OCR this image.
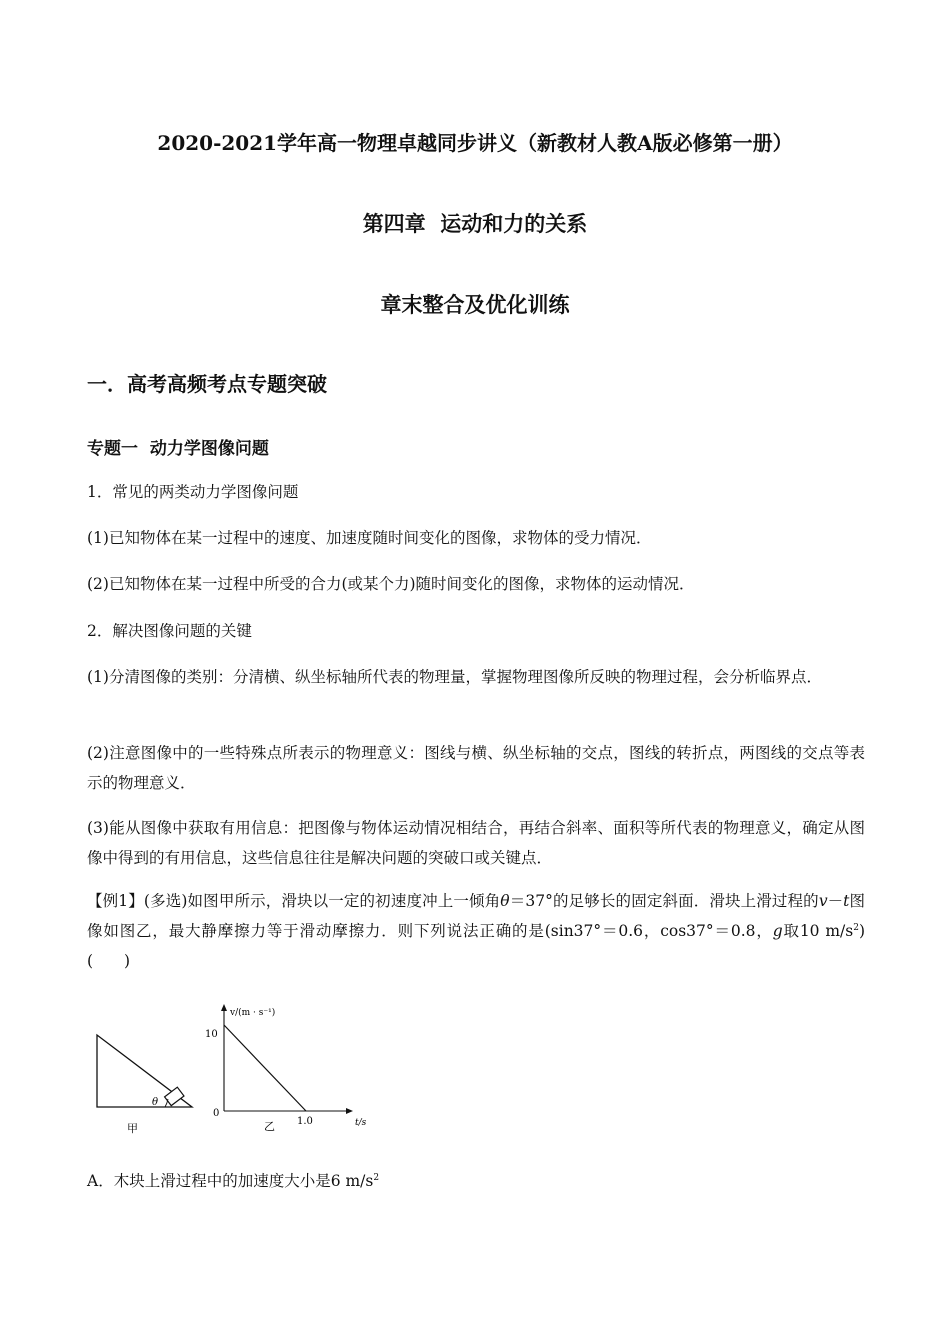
2020-2021学年高一物理卓越同步讲义（新教材人教A版必修第一册）
第四章  运动和力的关系
章末整合及优化训练
一．高考高频考点专题突破
专题一  动力学图像问题
1．常见的两类动力学图像问题
(1)已知物体在某一过程中的速度、加速度随时间变化的图像，求物体的受力情况．
(2)已知物体在某一过程中所受的合力(或某个力)随时间变化的图像，求物体的运动情况．
2．解决图像问题的关键
(1)分清图像的类别：分清横、纵坐标轴所代表的物理量，掌握物理图像所反映的物理过程，会分析临界点．
(2)注意图像中的一些特殊点所表示的物理意义：图线与横、纵坐标轴的交点，图线的转折点，两图线的交点等表示的物理意义．
(3)能从图像中获取有用信息：把图像与物体运动情况相结合，再结合斜率、面积等所代表的物理意义，确定从图像中得到的有用信息，这些信息往往是解决问题的突破口或关键点．
【例1】(多选)如图甲所示，滑块以一定的初速度冲上一倾角θ＝37°的足够长的固定斜面．滑块上滑过程的v－t图像如图乙，最大静摩擦力等于滑动摩擦力．则下列说法正确的是(sin37°＝0.6，cos37°＝0.8，g取10 $m/s^2$)(　　)
θ
甲
v/(m · s⁻¹)
t/s
10
0
1.0
乙
A．木块上滑过程中的加速度大小是6 $m/s^2$
